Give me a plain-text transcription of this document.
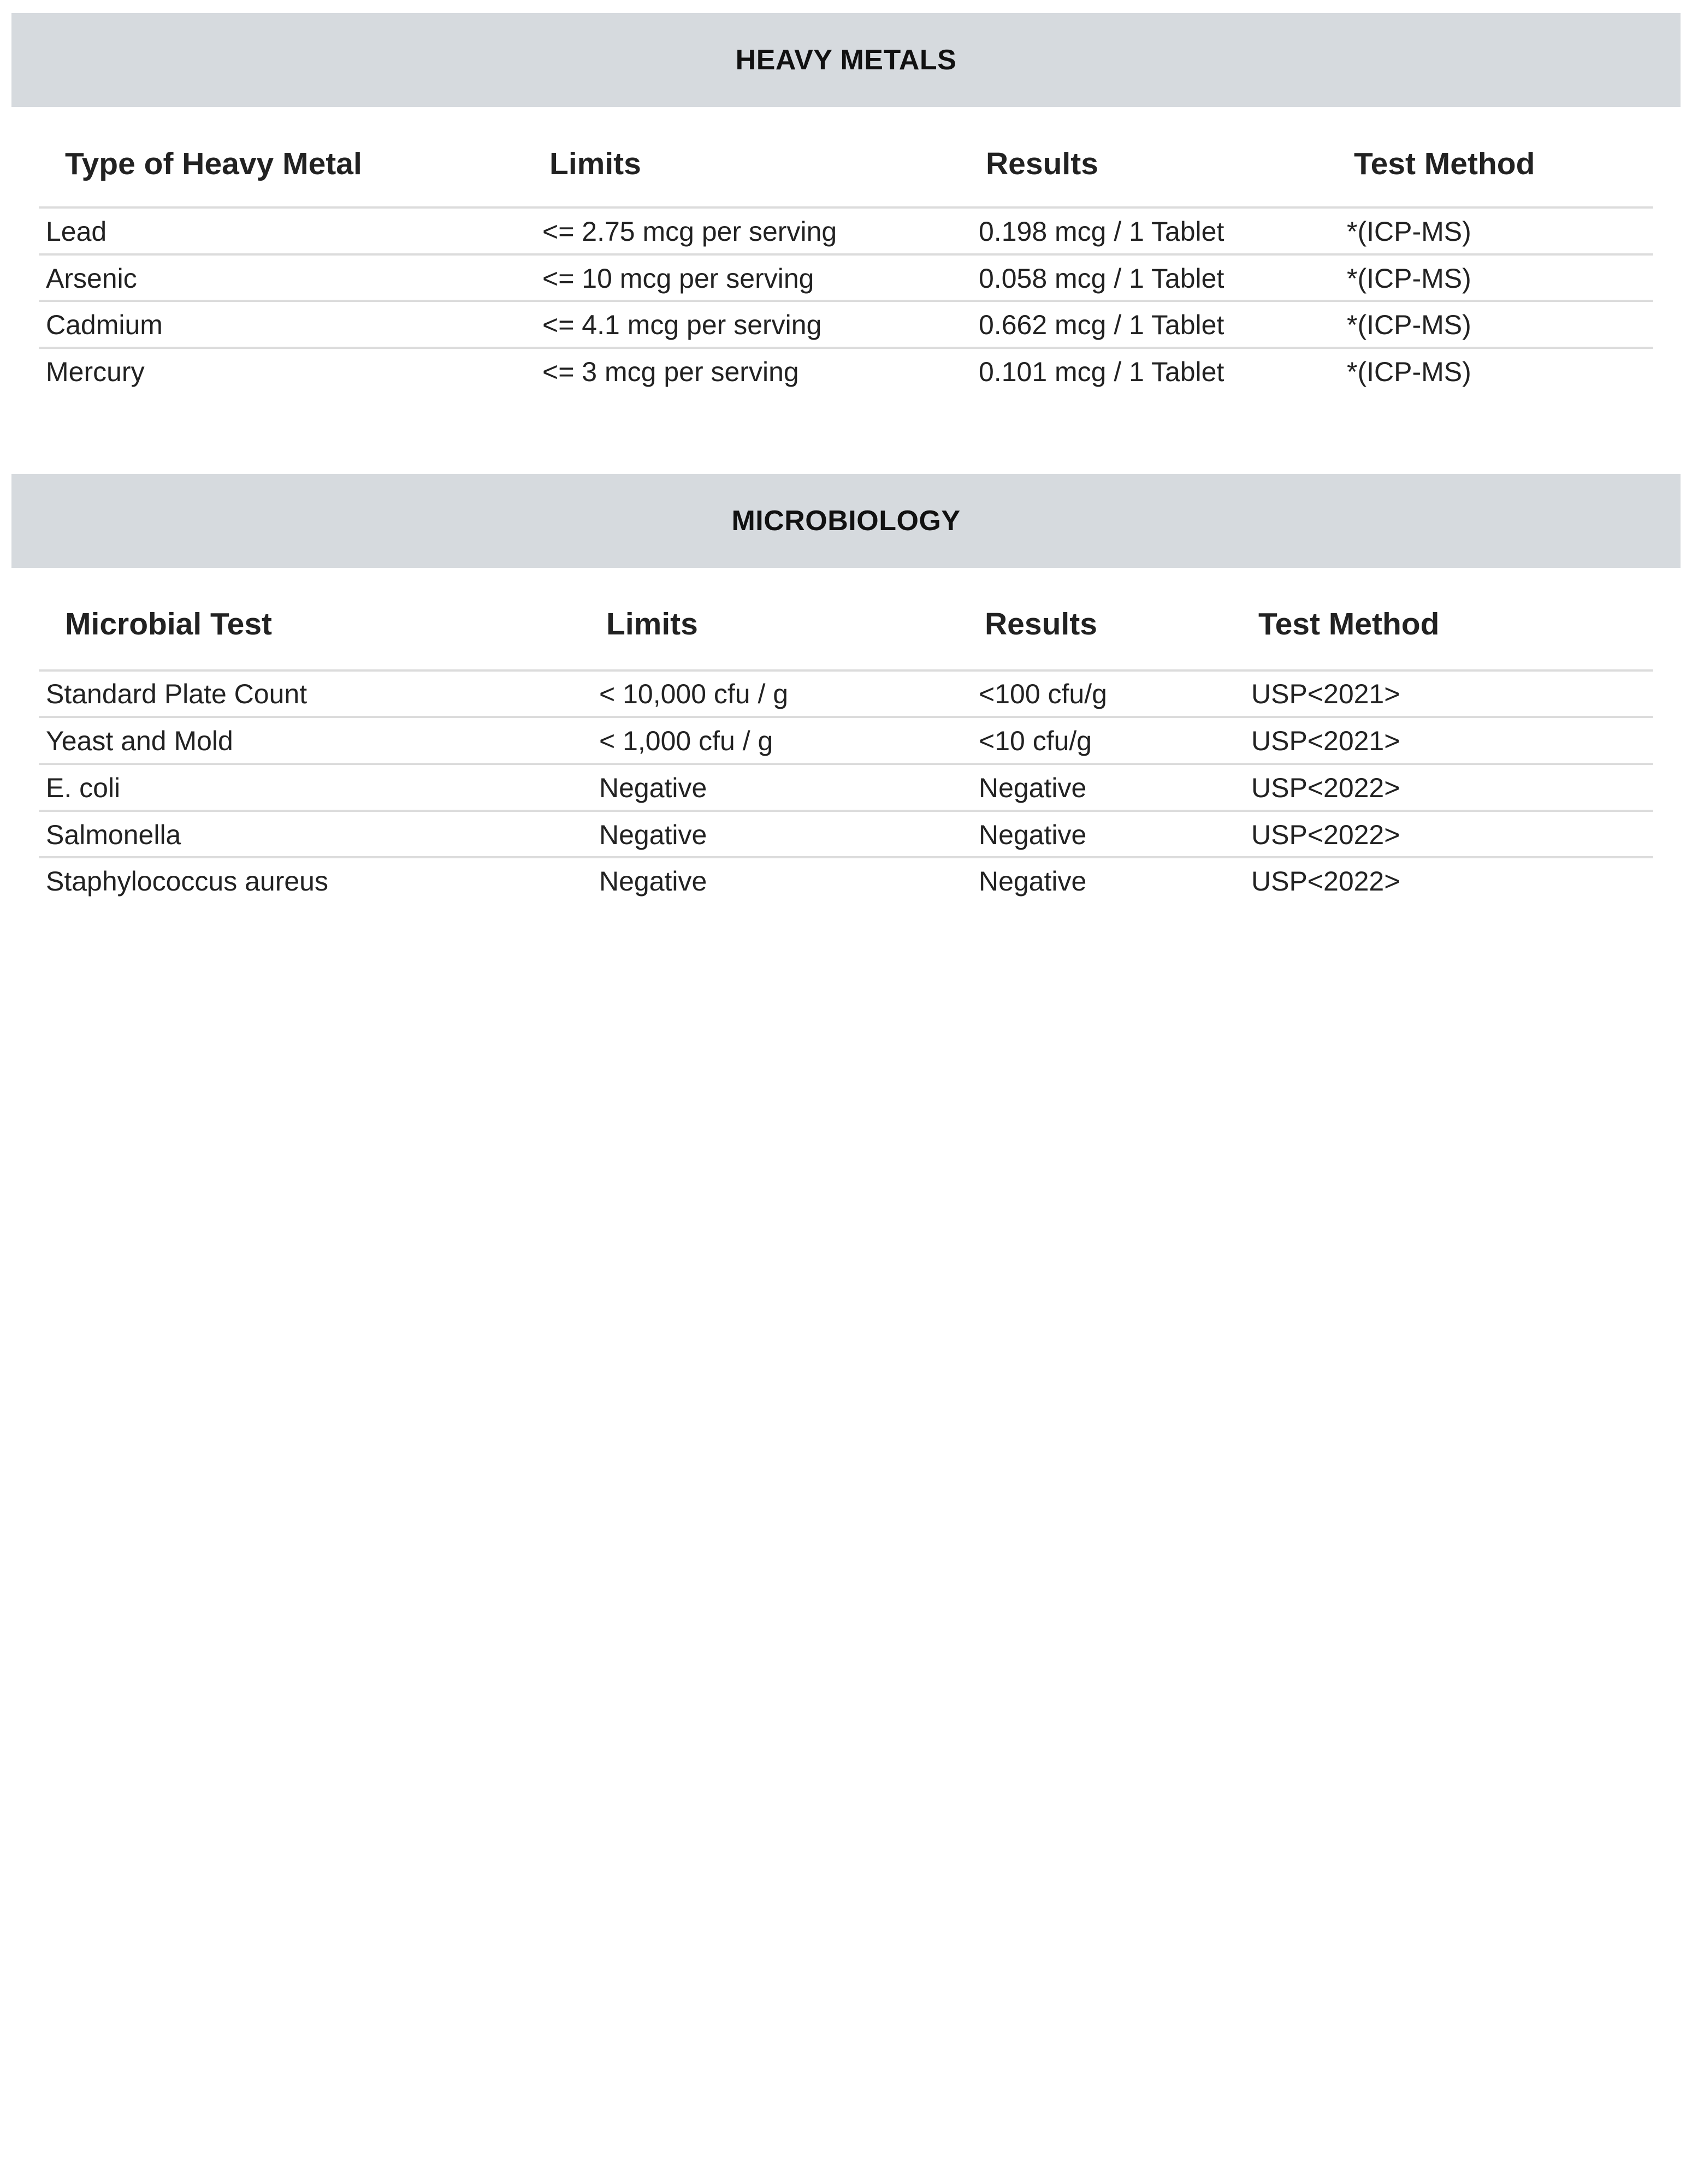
HEAVY METALS
Type of Heavy Metal	Limits	Results	Test Method
Lead	<= 2.75 mcg per serving	0.198 mcg / 1 Tablet	*(ICP-MS)
Arsenic	<= 10 mcg per serving	0.058 mcg / 1 Tablet	*(ICP-MS)
Cadmium	<= 4.1 mcg per serving	0.662 mcg / 1 Tablet	*(ICP-MS)
Mercury	<= 3 mcg per serving	0.101 mcg / 1 Tablet	*(ICP-MS)
MICROBIOLOGY
Microbial Test	Limits	Results	Test Method
Standard Plate Count	< 10,000 cfu / g	<100 cfu/g	USP<2021>
Yeast and Mold	< 1,000 cfu / g	<10 cfu/g	USP<2021>
E. coli	Negative	Negative	USP<2022>
Salmonella	Negative	Negative	USP<2022>
Staphylococcus aureus	Negative	Negative	USP<2022>
